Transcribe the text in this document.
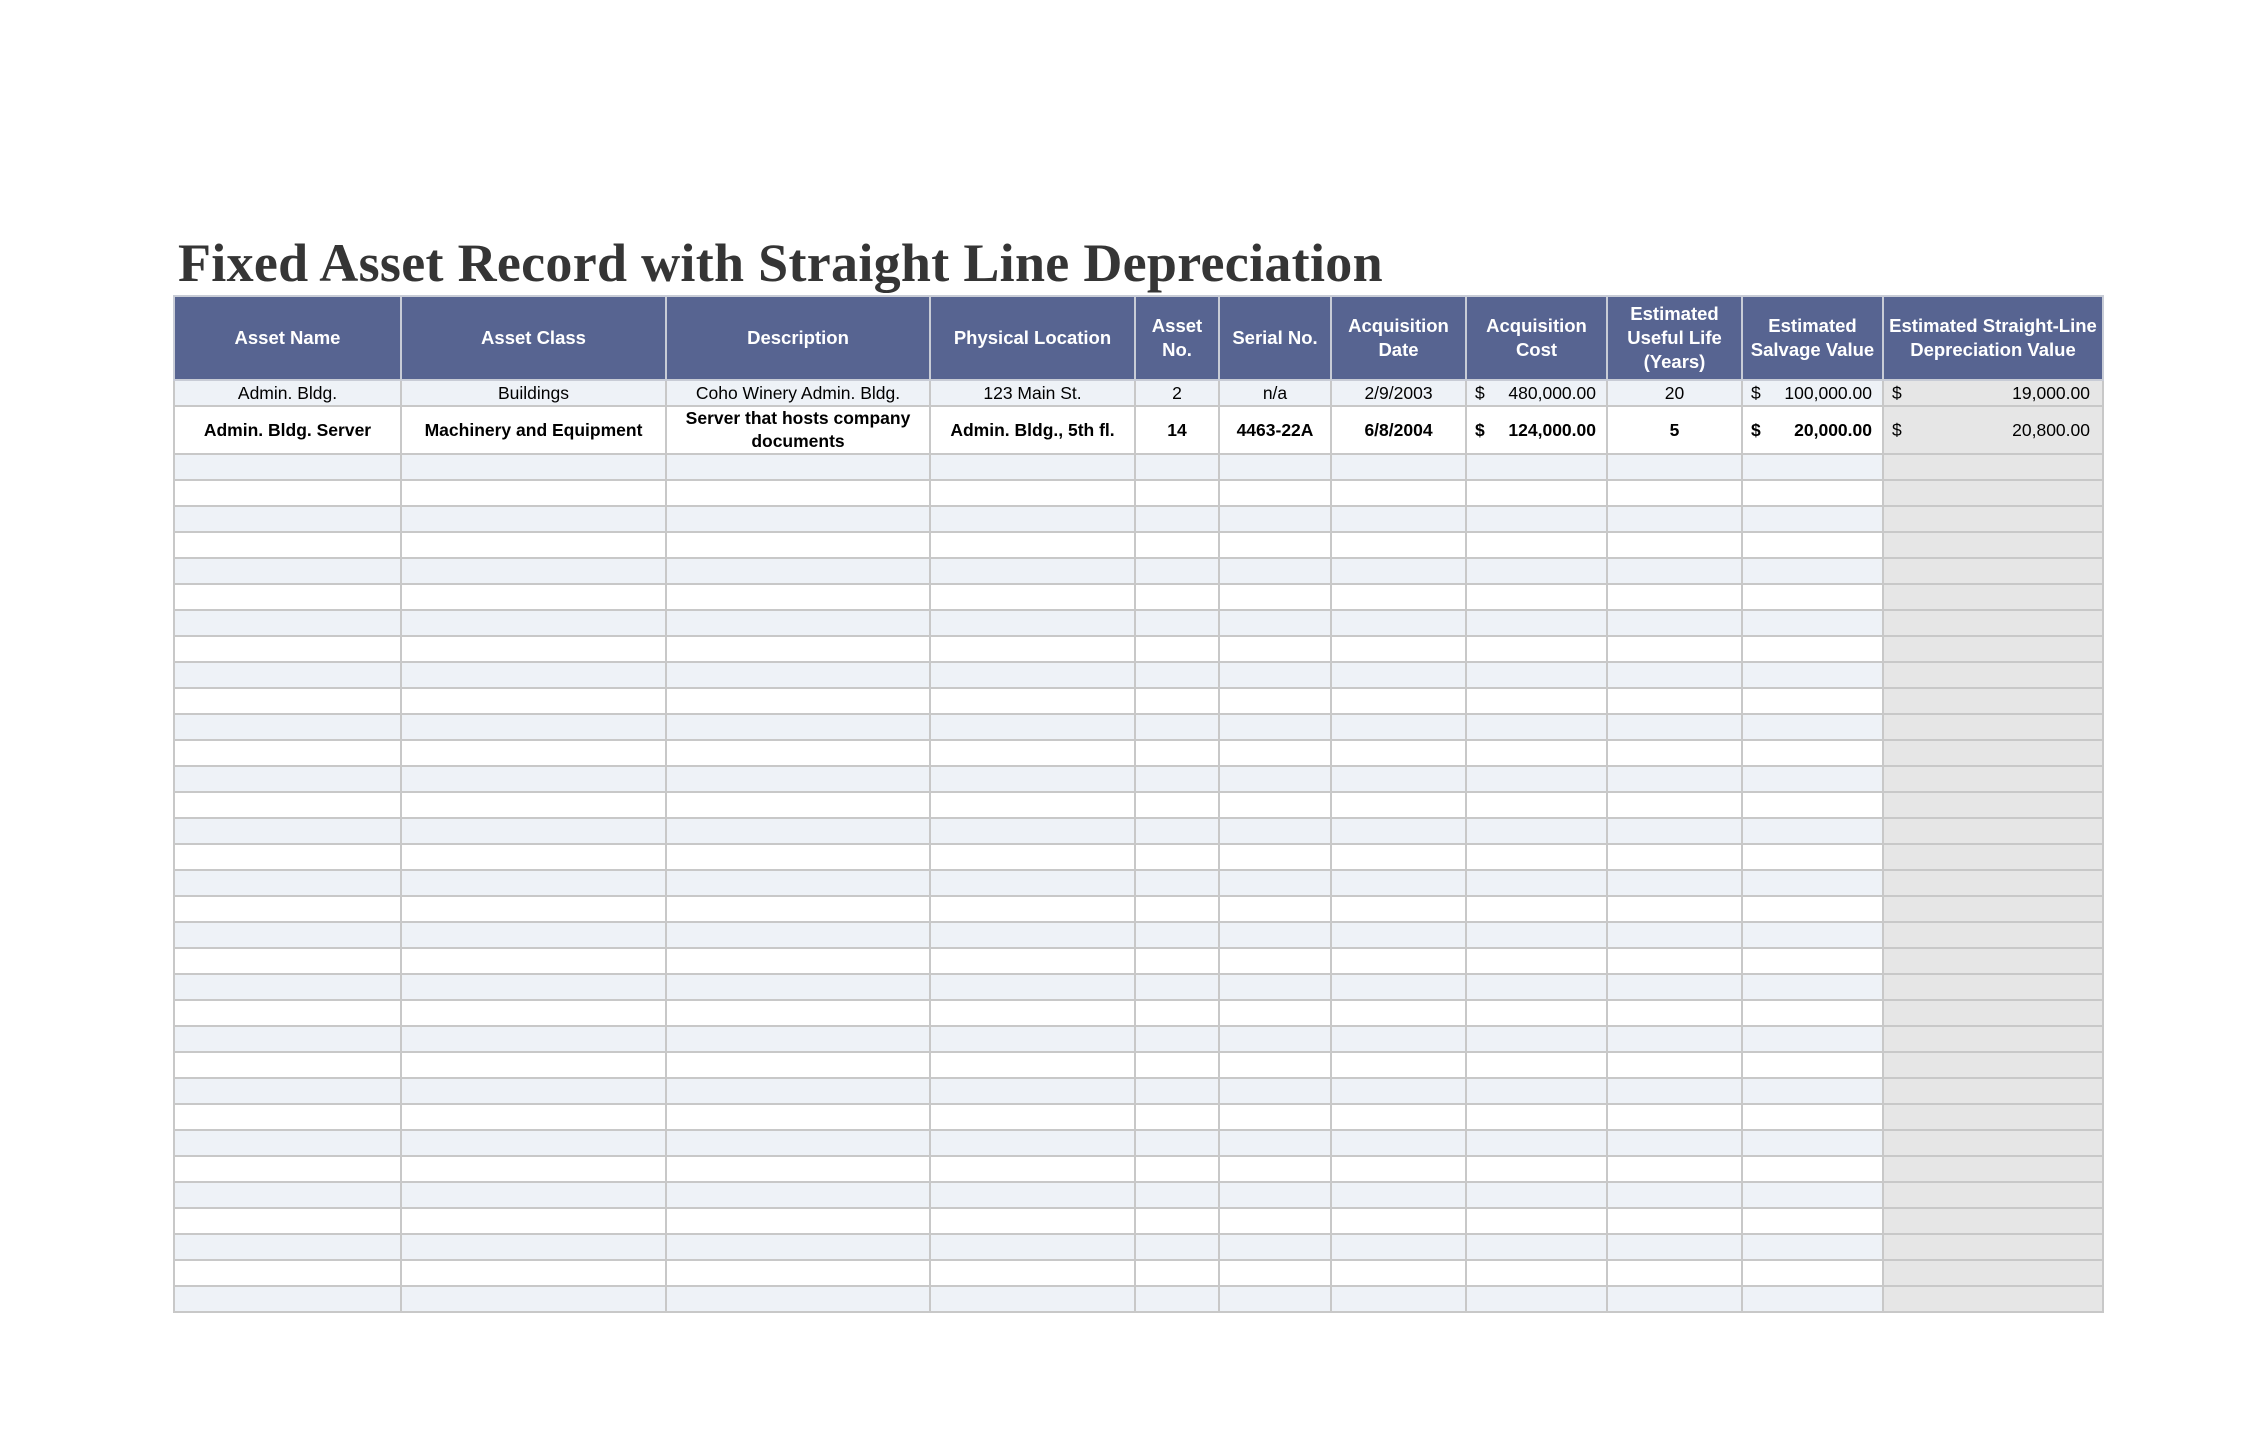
Fixed Asset Record with Straight Line Depreciation
Asset Name	Asset Class	Description	Physical Location	Asset No.	Serial No.	Acquisition Date	Acquisition Cost	Estimated Useful Life (Years)	Estimated Salvage Value	Estimated Straight-Line Depreciation Value
Admin. Bldg.	Buildings	Coho Winery Admin. Bldg.	123 Main St.	2	n/a	2/9/2003	$ 480,000.00	20	$ 100,000.00	$ 19,000.00

Admin. Bldg. Server	Machinery and Equipment	Server that hosts company documents	Admin. Bldg., 5th fl.	14	4463-22A	6/8/2004	$ 124,000.00	5	$ 20,000.00	$ 20,800.00
